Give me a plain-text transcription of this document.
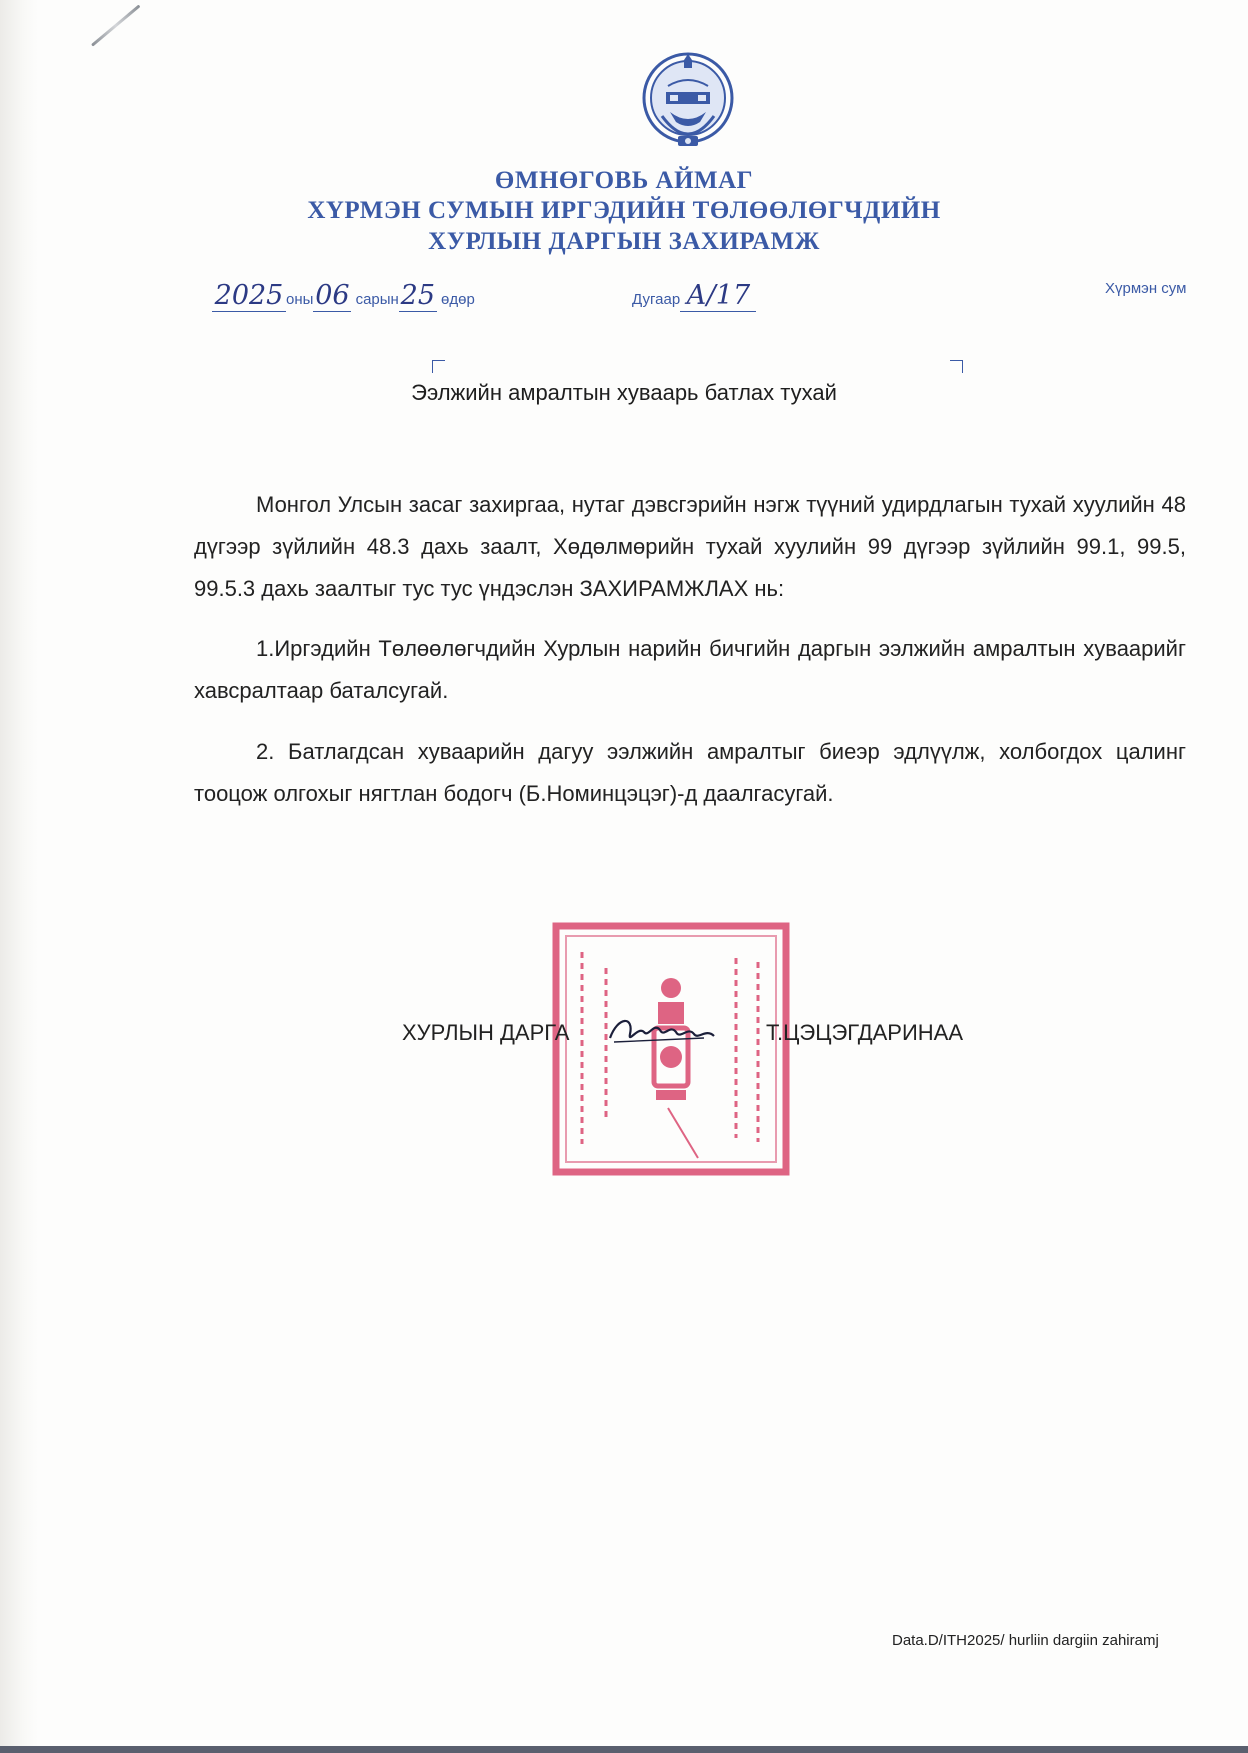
ӨМНӨГОВЬ АЙМАГ
ХҮРМЭН СУМЫН ИРГЭДИЙН ТӨЛӨӨЛӨГЧДИЙН
ХУРЛЫН ДАРГЫН ЗАХИРАМЖ
2025 оны06 сарын25 өдөр	Дугаар А/17	Хүрмэн сум
Ээлжийн амралтын хуваарь батлах тухай

Монгол Улсын засаг захиргаа, нутаг дэвсгэрийн нэгж түүний удирдлагын тухай хуулийн 48 дүгээр зүйлийн 48.3 дахь заалт, Хөдөлмөрийн тухай хуулийн 99 дүгээр зүйлийн 99.1, 99.5, 99.5.3 дахь заалтыг тус тус үндэслэн ЗАХИРАМЖЛАХ нь:

1.Иргэдийн Төлөөлөгчдийн Хурлын нарийн бичгийн даргын ээлжийн амралтын хуваарийг хавсралтаар баталсугай.

2. Батлагдсан хуваарийн дагуу ээлжийн амралтыг биеэр эдлүүлж, холбогдох цалинг тооцож олгохыг нягтлан бодогч (Б.Номинцэцэг)-д даалгасугай.

ХУРЛЫН ДАРГА	Т.ЦЭЦЭГДАРИНАА
Data.D/ITH2025/ hurliin dargiin zahiramj
